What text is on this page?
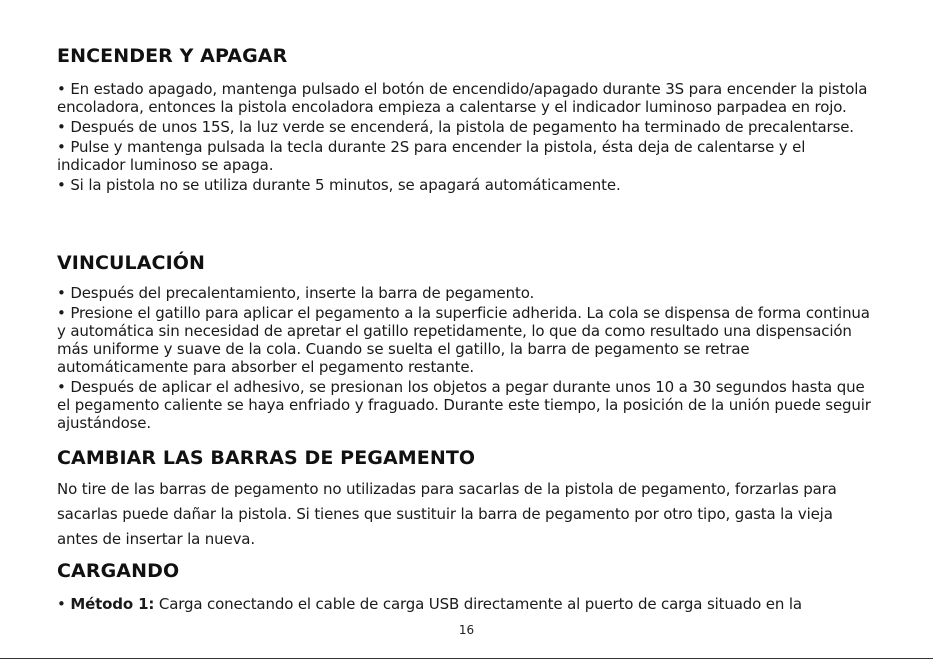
ENCENDER Y APAGAR

• En estado apagado, mantenga pulsado el botón de encendido/apagado durante 3S para encender la pistola encoladora, entonces la pistola encoladora empieza a calentarse y el indicador luminoso parpadea en rojo.

• Después de unos 15S, la luz verde se encenderá, la pistola de pegamento ha terminado de precalentarse.

• Pulse y mantenga pulsada la tecla durante 2S para encender la pistola, ésta deja de calentarse y el indicador luminoso se apaga.

• Si la pistola no se utiliza durante 5 minutos, se apagará automáticamente.

VINCULACIÓN

• Después del precalentamiento, inserte la barra de pegamento.

• Presione el gatillo para aplicar el pegamento a la superficie adherida. La cola se dispensa de forma continua y automática sin necesidad de apretar el gatillo repetidamente, lo que da como resultado una dispensación más uniforme y suave de la cola. Cuando se suelta el gatillo, la barra de pegamento se retrae automáticamente para absorber el pegamento restante.

• Después de aplicar el adhesivo, se presionan los objetos a pegar durante unos 10 a 30 segundos hasta que el pegamento caliente se haya enfriado y fraguado. Durante este tiempo, la posición de la unión puede seguir ajustándose.

CAMBIAR LAS BARRAS DE PEGAMENTO

No tire de las barras de pegamento no utilizadas para sacarlas de la pistola de pegamento, forzarlas para sacarlas puede dañar la pistola. Si tienes que sustituir la barra de pegamento por otro tipo, gasta la vieja antes de insertar la nueva.

CARGANDO

• Método 1: Carga conectando el cable de carga USB directamente al puerto de carga situado en la

16
